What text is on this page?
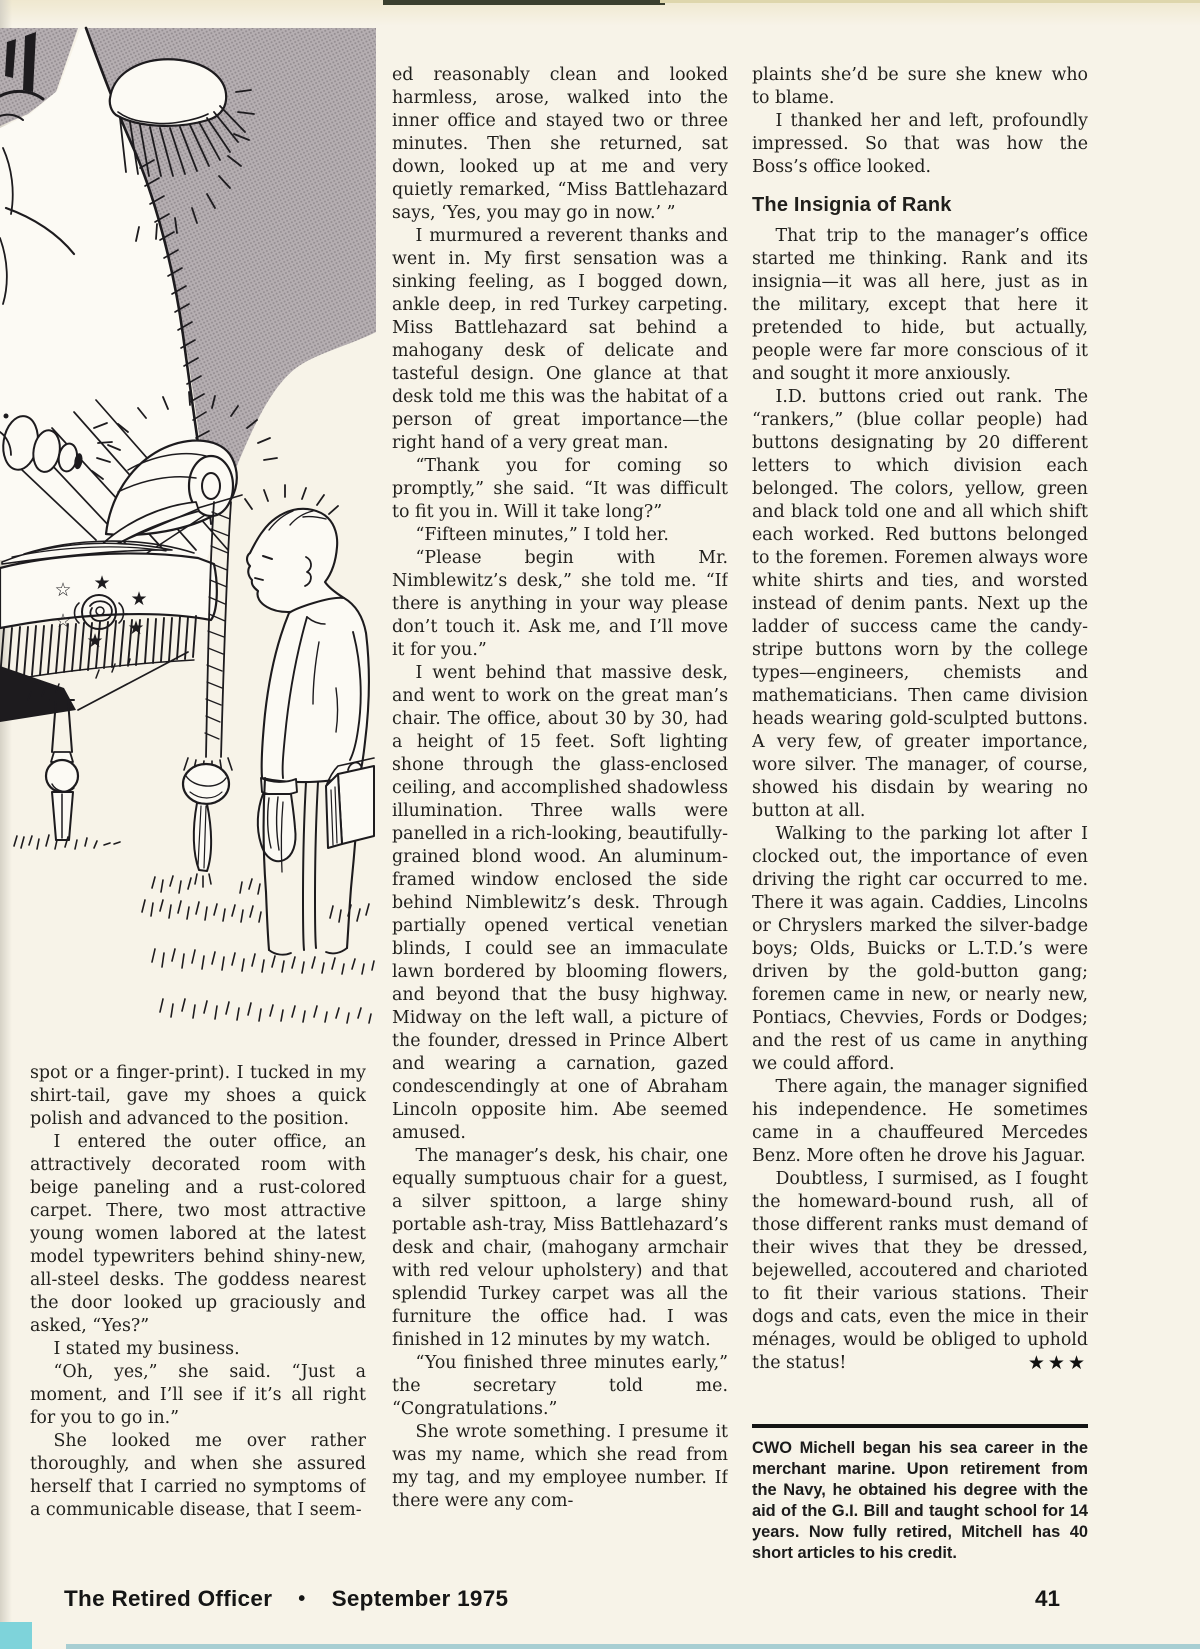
☆ ★
★
☆
★
★

spot or a finger-print). I tucked in my shirt-tail, gave my shoes a quick polish and advanced to the position.

I entered the outer office, an attractively decorated room with beige paneling and a rust-colored carpet. There, two most attractive young women labored at the latest model typewriters behind shiny-new, all-steel desks. The goddess nearest the door looked up graciously and asked, “Yes?”

I stated my business.

“Oh, yes,” she said. “Just a moment, and I’ll see if it’s all right for you to go in.”

She looked me over rather thoroughly, and when she assured herself that I carried no symptoms of a communicable disease, that I seem-

ed reasonably clean and looked harmless, arose, walked into the inner office and stayed two or three minutes. Then she returned, sat down, looked up at me and very quietly remarked, “Miss Battlehazard says, ‘Yes, you may go in now.’ ”

I murmured a reverent thanks and went in. My first sensation was a sinking feeling, as I bogged down, ankle deep, in red Turkey carpeting. Miss Battlehazard sat behind a mahogany desk of delicate and tasteful design. One glance at that desk told me this was the habitat of a person of great importance—the right hand of a very great man.

“Thank you for coming so promptly,” she said. “It was difficult to fit you in. Will it take long?”

“Fifteen minutes,” I told her.

“Please begin with Mr. Nimblewitz’s desk,” she told me. “If there is anything in your way please don’t touch it. Ask me, and I’ll move it for you.”

I went behind that massive desk, and went to work on the great man’s chair. The office, about 30 by 30, had a height of 15 feet. Soft lighting shone through the glass-enclosed ceiling, and accomplished shadowless illumination. Three walls were panelled in a rich-looking, beautifully-grained blond wood. An aluminum-framed window enclosed the side behind Nimblewitz’s desk. Through partially opened vertical venetian blinds, I could see an immaculate lawn bordered by blooming flowers, and beyond that the busy highway. Midway on the left wall, a picture of the founder, dressed in Prince Albert and wearing a carnation, gazed condescendingly at one of Abraham Lincoln opposite him. Abe seemed amused.

The manager’s desk, his chair, one equally sumptuous chair for a guest, a silver spittoon, a large shiny portable ash-tray, Miss Battlehazard’s desk and chair, (mahogany armchair with red velour upholstery) and that splendid Turkey carpet was all the furniture the office had. I was finished in 12 minutes by my watch.

“You finished three minutes early,” the secretary told me. “Congratulations.”

She wrote something. I presume it was my name, which she read from my tag, and my employee number. If there were any com-

plaints she’d be sure she knew who to blame.

I thanked her and left, profoundly impressed. So that was how the Boss’s office looked.

The Insignia of Rank

That trip to the manager’s office started me thinking. Rank and its insignia—it was all here, just as in the military, except that here it pretended to hide, but actually, people were far more conscious of it and sought it more anxiously.

I.D. buttons cried out rank. The “rankers,” (blue collar people) had buttons designating by 20 different letters to which division each belonged. The colors, yellow, green and black told one and all which shift each worked. Red buttons belonged to the foremen. Foremen always wore white shirts and ties, and worsted instead of denim pants. Next up the ladder of success came the candy-stripe buttons worn by the college types—engineers, chemists and mathematicians. Then came division heads wearing gold-sculpted buttons. A very few, of greater importance, wore silver. The manager, of course, showed his disdain by wearing no button at all.

Walking to the parking lot after I clocked out, the importance of even driving the right car occurred to me. There it was again. Caddies, Lincolns or Chryslers marked the silver-badge boys; Olds, Buicks or L.T.D.’s were driven by the gold-button gang; foremen came in new, or nearly new, Pontiacs, Chevvies, Fords or Dodges; and the rest of us came in anything we could afford.

There again, the manager signified his independence. He sometimes came in a chauffeured Mercedes Benz. More often he drove his Jaguar.

Doubtless, I surmised, as I fought the homeward-bound rush, all of those different ranks must demand of their wives that they be dressed, bejewelled, accoutered and charioted to fit their various stations. Their dogs and cats, even the mice in their ménages, would be obliged to uphold the status!	★★★

CWO Michell began his sea career in the merchant marine. Upon retirement from the Navy, he obtained his degree with the aid of the G.I. Bill and taught school for 14 years. Now fully retired, Mitchell has 40 short articles to his credit.

The Retired Officer • September 1975	41
